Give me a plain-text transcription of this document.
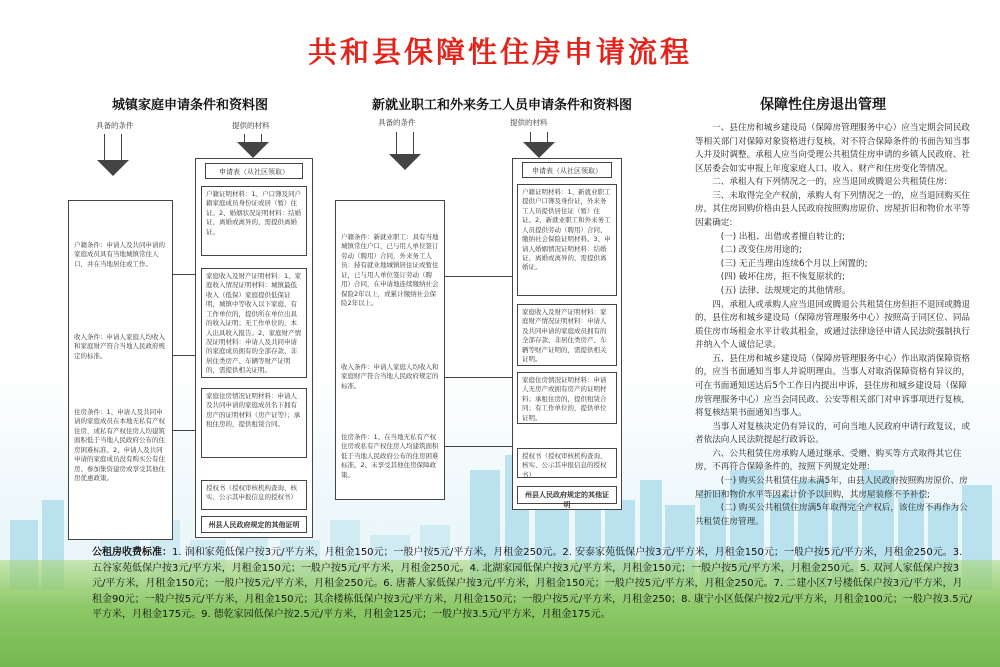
共和县保障性住房申请流程
城镇家庭申请条件和资料图
具备的条件	提供的材料
户籍条件：申请人及共同申请的家庭成员具有当地城镇常住人口，并在当地居住或工作。
收入条件：申请人家庭人均收入和家庭财产符合当地人民政府规定的标准。
住房条件：1、申请人及共同申请的家庭成员在本地无私有产权住房，或私有产权住房人均建筑面积低于当地人民政府公布的住房困难标准。2、申请人及共同申请的家庭成员没有购买公有住房、参加集资建房或享受其他住房优惠政策。
申请表（从社区领取）
户籍证明材料：1、户口簿及同户籍家庭成员身份证或居（暂）住证。2、婚姻状况证明材料：结婚证、离婚或离异的，需提供离婚证。
家庭收入及财产证明材料：1、家庭收入情况证明材料：城镇最低收入（低保）家庭提供低保证明，城镇中等收入以下家庭，有工作单位的，提供所在单位出具的收入证明；无工作单位的，本人出具收入报告。2、家庭财产情况证明材料：申请人及共同申请的家庭成员拥有的全部存款、非居住类房产、车辆等财产证明的，需提供相关证明。
家庭住房情况证明材料：申请人及共同申请的家庭成员名下拥有房产的证明材料（房产证等）；承租住房的，提供租赁合同。
授权书（授权审核机构查询、核实、公示其申报信息的授权书）
州县人民政府规定的其他证明
新就业职工和外来务工人员申请条件和资料图
具备的条件	提供的材料
户籍条件：新就业职工：具有当地城镇常住户口，已与用人单位签订劳动（聘用）合同，外来务工人员：持有就业地城镇居住证或暂住证，已与用人单位签订劳动（聘用）合同，在申请地连续缴纳社会保险2年以上，或累计缴纳社会保险2年以上。
收入条件：申请人家庭人均收入和家庭财产符合当地人民政府规定的标准。
住房条件：1、在当地无私有产权住房或私有产权住房人均建筑面积低于当地人民政府公布的住房困难标准。2、未享受其他住房保障政策。
申请表（从社区领取）
户籍证明材料：1、新就业职工提供户口簿及身份证，外来务工人员提供居住证（暂）住证。2、新就业职工和外来务工人员提供劳动（聘用）合同、缴纳社会保险证明材料。3、申请人婚姻情况证明材料：结婚证、离婚或离异的，需提供离婚证。
家庭收入及财产证明材料：家庭财产情况证明材料：申请人及共同申请的家庭成员拥有的全部存款、非居住类房产、车辆等财产证明的，需提供相关证明。
家庭住房情况证明材料：申请人无房产或拥有房产的证明材料；承租住房的，提供租赁合同；有工作单位的，提供单位证明。
授权书（授权审核机构查询、核实、公示其申报信息的授权书）
州县人民政府规定的其他证明
保障性住房退出管理

一、县住房和城乡建设局（保障房管理服务中心）应当定期会同民政等相关部门对保障对象资格进行复核，对不符合保障条件的书面告知当事人并及时调整。承租人应当向受理公共租赁住房申请的乡镇人民政府、社区居委会如实申报上年度家庭人口、收入、财产和住房变化等情况。

二、承租人有下列情况之一的，应当退回或腾退公共租赁住房:

三、未取得完全产权前，承购人有下列情况之一的，应当退回购买住房，其住房回购价格由县人民政府按照购房原价、房屋折旧和物价水平等因素确定:

(一) 出租、出借或者擅自转让的;

(二) 改变住房用途的;

(三) 无正当理由连续6个月以上闲置的;

(四) 破坏住房，拒不恢复原状的;

(五) 法律、法规规定的其他情形。

四、承租人或承购人应当退回或腾退公共租赁住房但拒不退回或腾退的，县住房和城乡建设局（保障房管理服务中心）按照高于同区位、同品质住房市场租金水平计收其租金，或通过法律途径申请人民法院强制执行并纳入个人诚信记录。

五、县住房和城乡建设局（保障房管理服务中心）作出取消保障资格的，应当书面通知当事人并说明理由。当事人对取消保障资格有异议的，可在书面通知送达后5个工作日内提出申诉，县住房和城乡建设局（保障房管理服务中心）应当会同民政、公安等相关部门对申诉事项进行复核，将复核结果书面通知当事人。

当事人对复核决定仍有异议的，可向当地人民政府申请行政复议，或者依法向人民法院提起行政诉讼。

六、公共租赁住房承购人通过继承、受赠、购买等方式取得其它住房，不再符合保障条件的，按照下列规定处理:

(一) 购买公共租赁住房未满5年，由县人民政府按照购房原价、房屋折旧和物价水平等因素计价予以回购，其房屋装修不予补偿;

(二) 购买公共租赁住房满5年取得完全产权后，该住房不再作为公共租赁住房管理。

公租房收费标准：1. 润和家苑低保户按3元/平方米，月租金150元；一般户按5元/平方米，月租金250元。2. 安泰家苑低保户按3元/平方米，月租金150元；一般户按5元/平方米，月租金250元。3. 五谷家苑低保户按3元/平方米，月租金150元；一般户按5元/平方米，月租金250元。4. 北湖家园低保户按3元/平方米，月租金150元；一般户按5元/平方米，月租金250元。5. 双河人家低保户按3元/平方米，月租金150元；一般户按5元/平方米，月租金250元。6. 唐蕃人家低保户按3元/平方米，月租金150元；一般户按5元/平方米，月租金250元。7. 二建小区7号楼低保户按3元/平方米，月租金90元；一般户按5元/平方米，月租金150元；其余楼栋低保户按3元/平方米，月租金150元；一般户按5元/平方米，月租金250；8. 康宁小区低保户按2元/平方米，月租金100元；一般户按3.5元/平方米，月租金175元。9. 德乾家园低保户按2.5元/平方米，月租金125元；一般户按3.5元/平方米，月租金175元。
